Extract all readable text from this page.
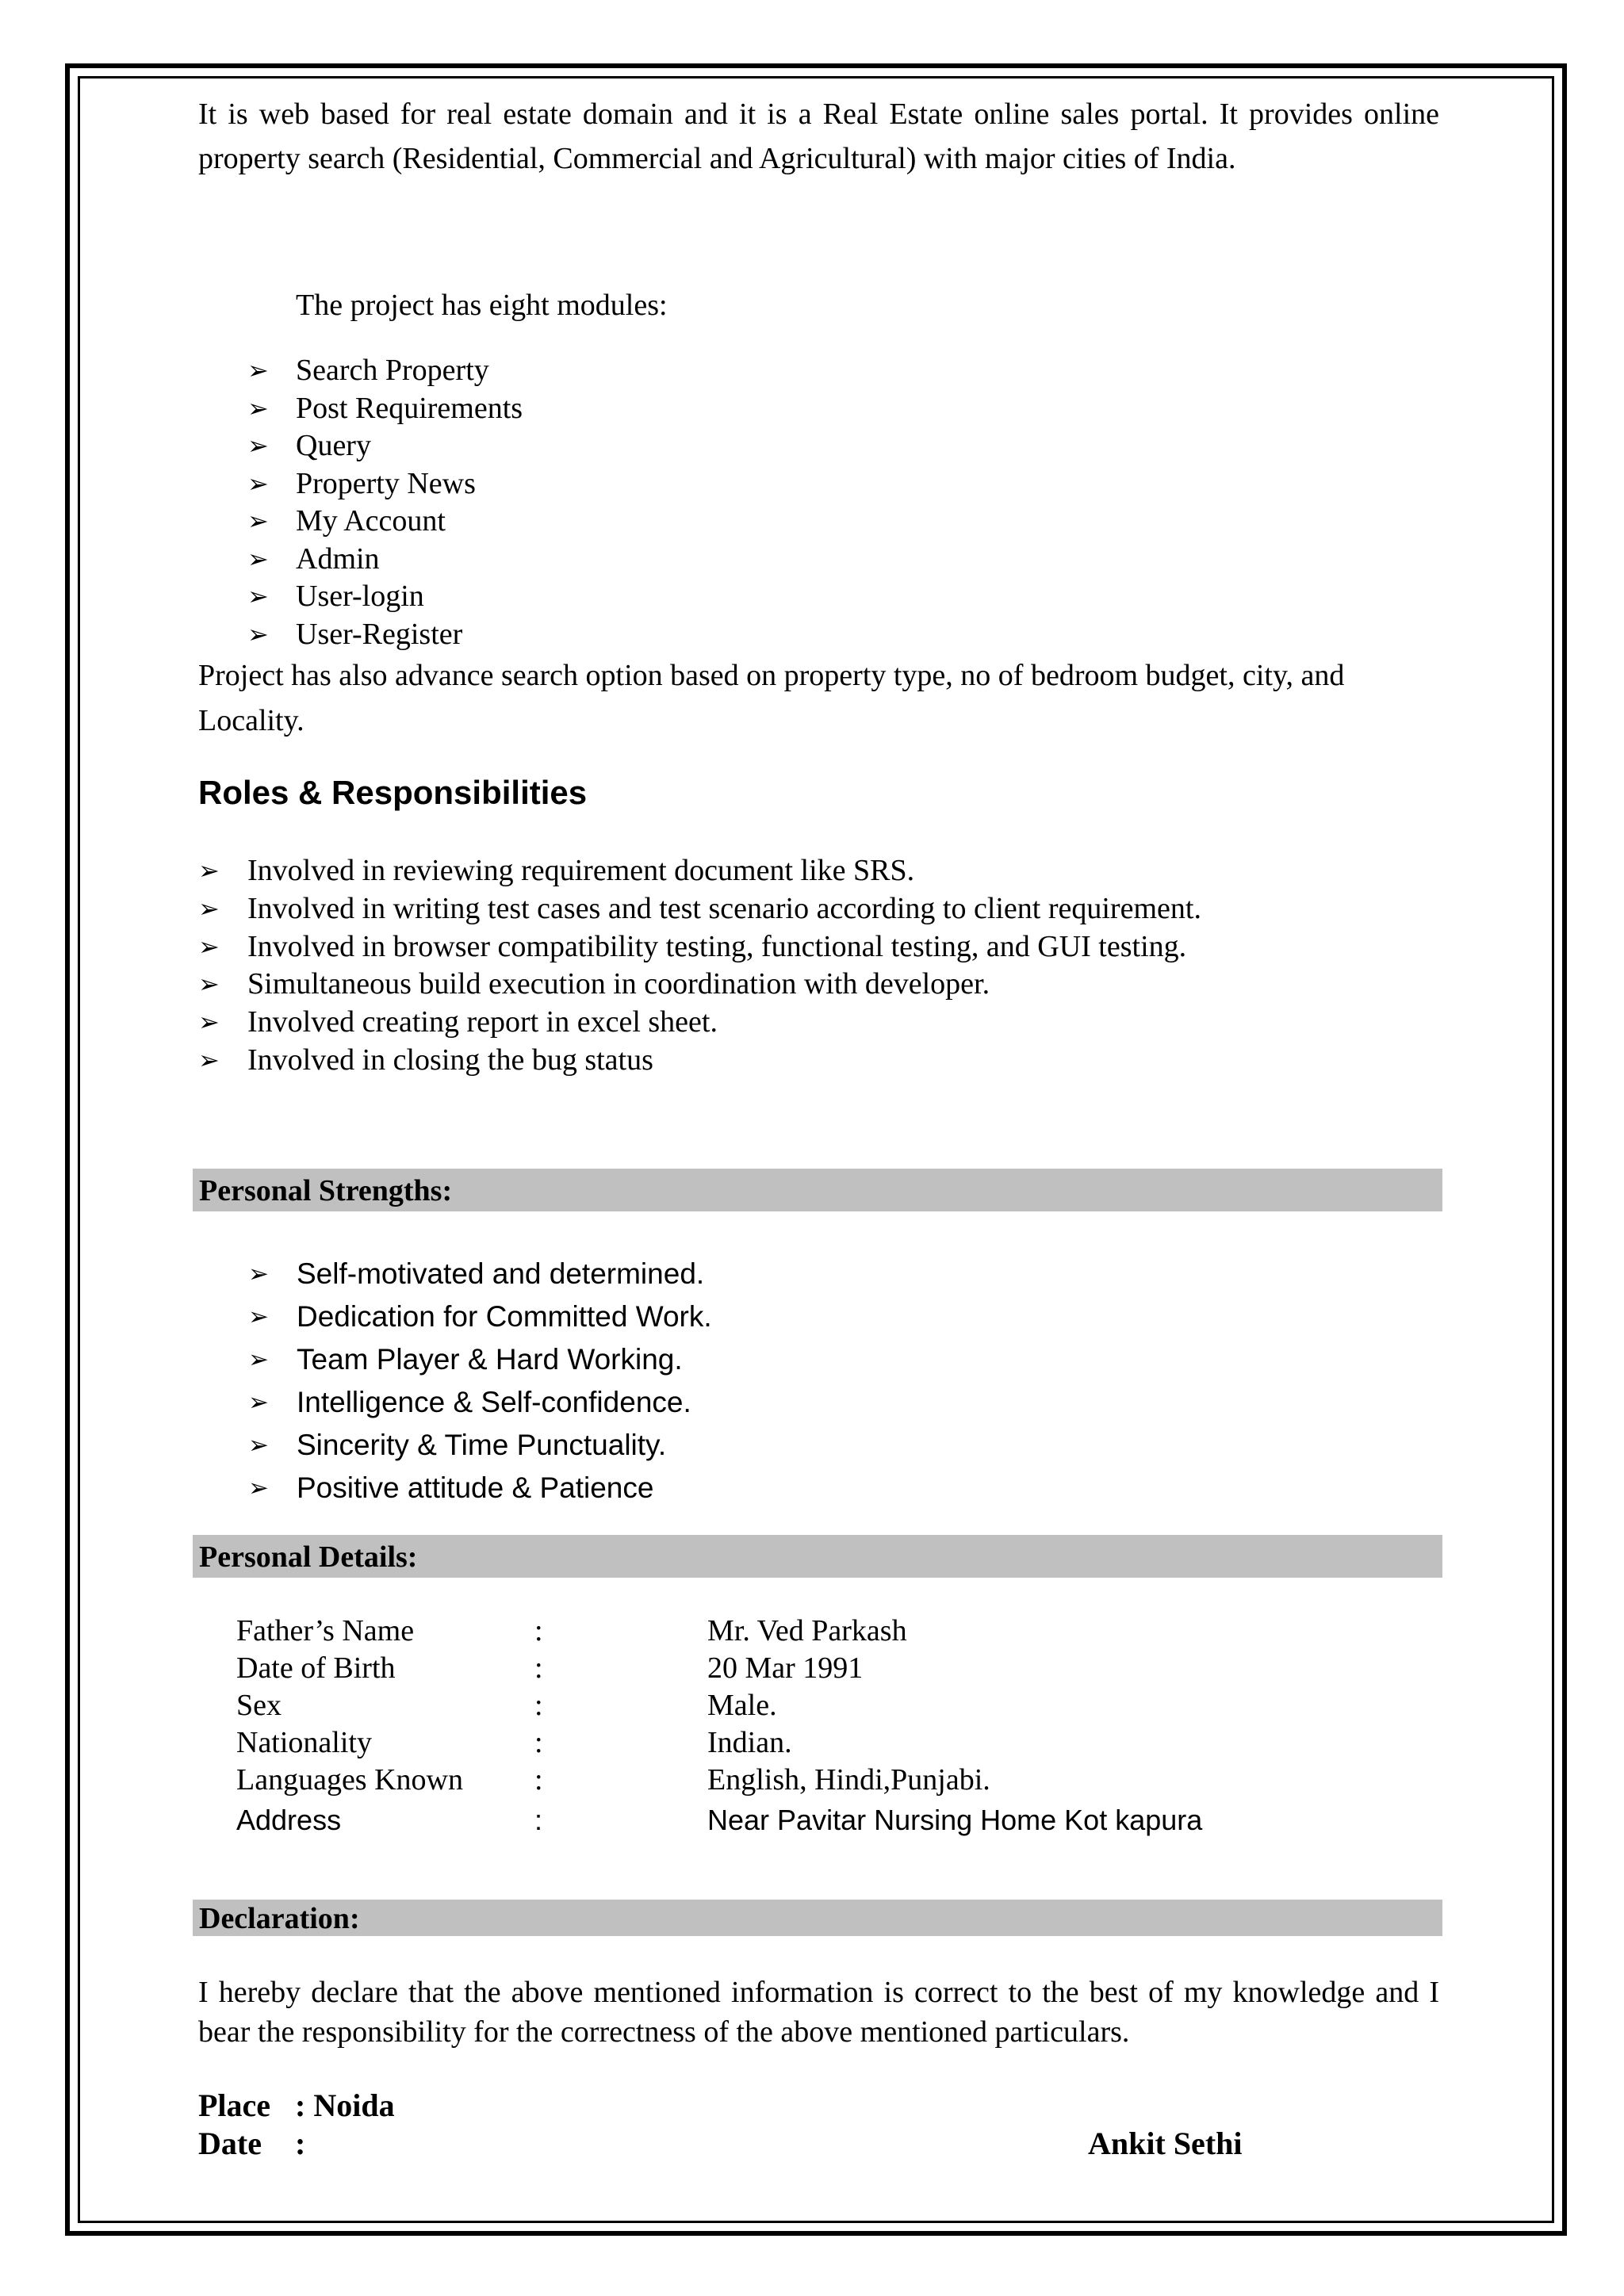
It is web based for real estate domain and it is a Real Estate online sales portal. It provides online property search (Residential, Commercial and Agricultural) with major cities of India.

The project has eight modules:
➢ Search Property
➢ Post Requirements
➢ Query
➢ Property News
➢ My Account
➢ Admin
➢ User-login
➢ User-Register

Project has also advance search option based on property type, no of bedroom budget, city, and Locality.

Roles & Responsibilities
➢ Involved in reviewing requirement document like SRS.
➢ Involved in writing test cases and test scenario according to client requirement.
➢ Involved in browser compatibility testing, functional testing, and GUI testing.
➢ Simultaneous build execution in coordination with developer.
➢ Involved creating report in excel sheet.
➢ Involved in closing the bug status
Personal Strengths:
➢ Self-motivated and determined.
➢ Dedication for Committed Work.
➢ Team Player & Hard Working.
➢ Intelligence & Self-confidence.
➢ Sincerity & Time Punctuality.
➢ Positive attitude & Patience
Personal Details:
Father’s Name	:	Mr. Ved Parkash
Date of Birth	:	20 Mar 1991
Sex	:	Male.
Nationality	:	Indian.
Languages Known :	English, Hindi,Punjabi.
Address	:	Near Pavitar Nursing Home Kot kapura
Declaration:

I hereby declare that the above mentioned information is correct to the best of my knowledge and I bear the responsibility for the correctness of the above mentioned particulars.

Place : Noida
Date :	Ankit Sethi
